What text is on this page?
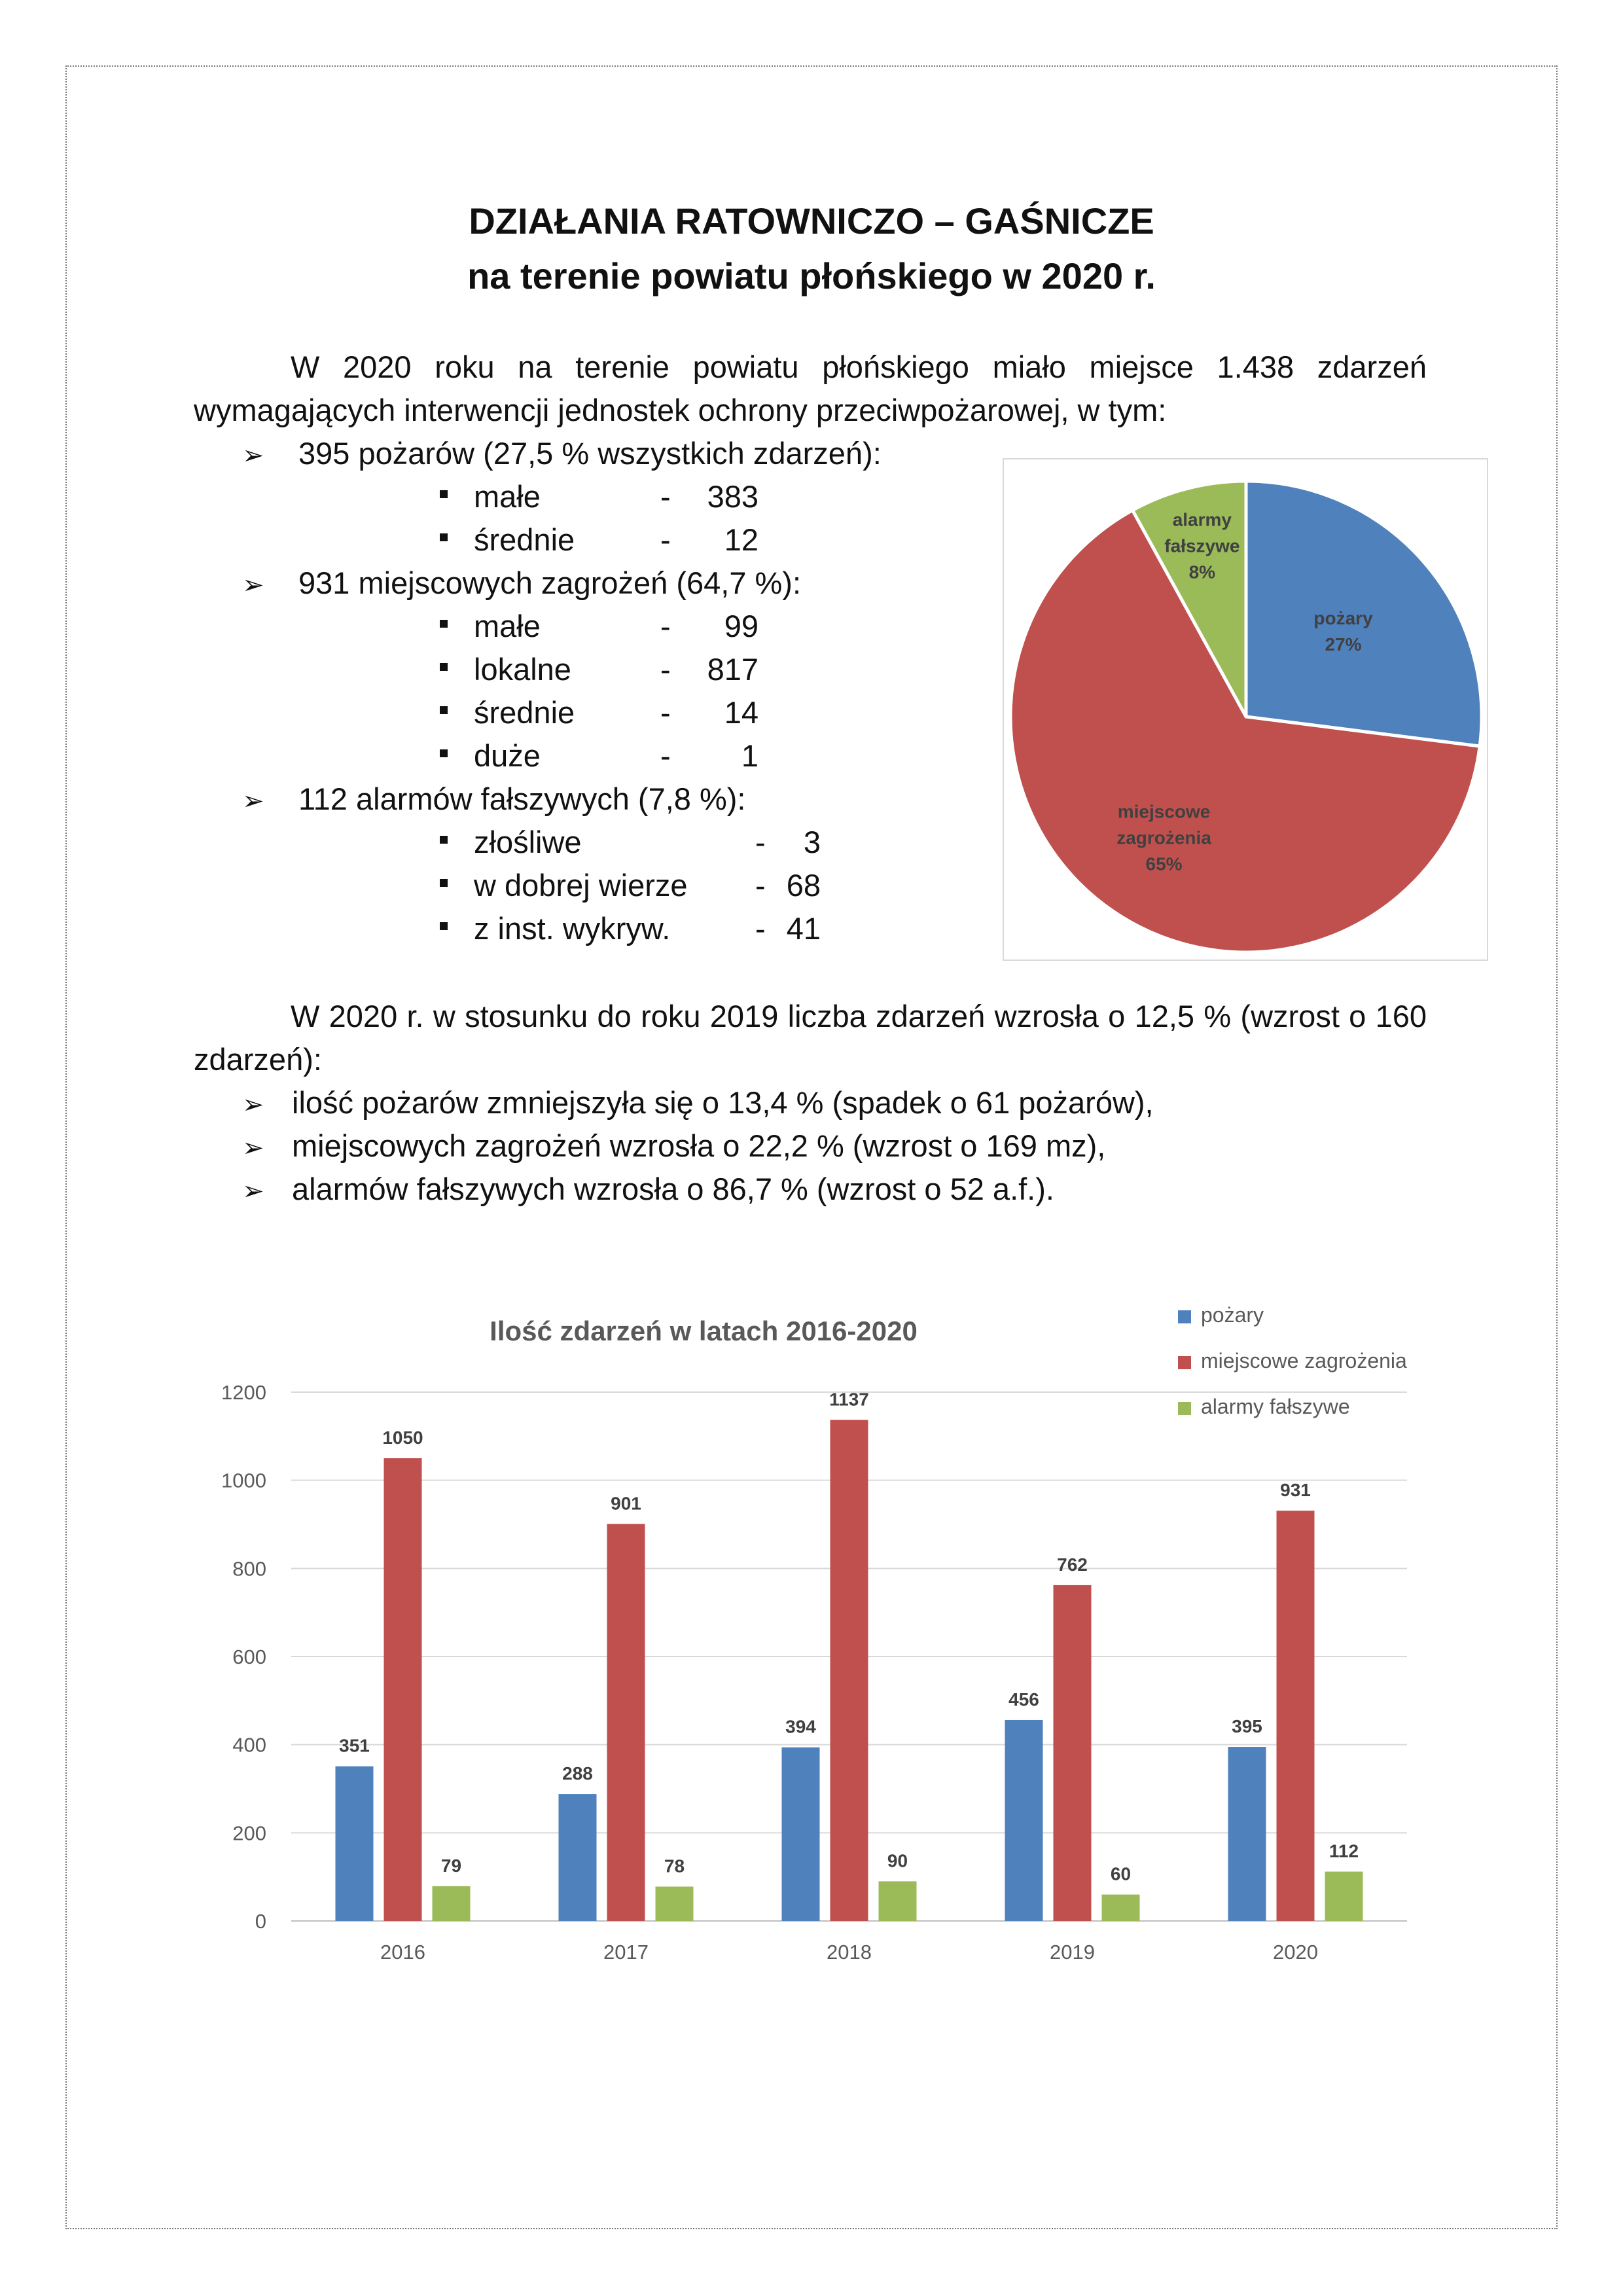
DZIAŁANIA RATOWNICZO – GAŚNICZE
na terenie powiatu płońskiego w 2020 r.
W 2020 roku na terenie powiatu płońskiego miało miejsce 1.438 zdarzeń wymagających interwencji jednostek ochrony przeciwpożarowej, w tym:
➢ 395 pożarów (27,5 % wszystkich zdarzeń):
małe	- 383
średnie	- 12
➢ 931 miejscowych zagrożeń (64,7 %):
małe	- 99
lokalne	- 817
średnie	- 14
duże	- 1
➢ 112 alarmów fałszywych (7,8 %):
złośliwe	- 3
w dobrej wierze - 68
z inst. wykryw.	- 41
pożary
27%
miejscowe
zagrożenia
65%
alarmy
fałszywe
8%
W 2020 r. w stosunku do roku 2019 liczba zdarzeń wzrosła o 12,5 % (wzrost o 160 zdarzeń):
➢ ilość pożarów zmniejszyła się o 13,4 % (spadek o 61 pożarów),
➢ miejscowych zagrożeń wzrosła o 22,2 % (wzrost o 169 mz),
➢ alarmów fałszywych wzrosła o 86,7 % (wzrost o 52 a.f.).
Ilość zdarzeń w latach 2016-2020
0
200
400
600
800
1000
1200
351
1050
79
2016
288
901
78
2017
394
1137
90
2018
456
762
60
2019
395
931
112
2020
pożary
miejscowe zagrożenia
alarmy fałszywe
